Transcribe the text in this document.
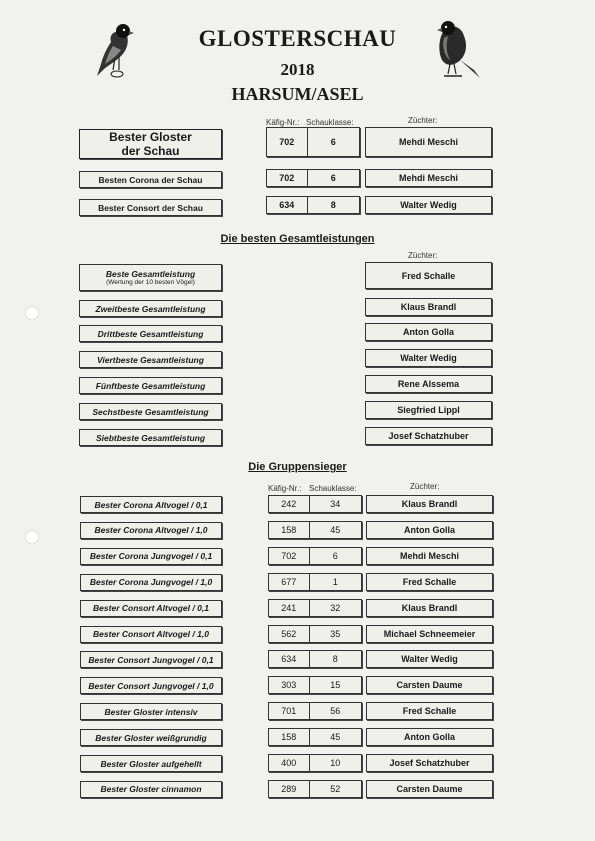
GLOSTERSCHAU
2018
HARSUM/ASEL
Käfig-Nr.: Schauklasse:	Züchter:
Bester Gloster
der Schau
702	6	Mehdi Meschi
Besten Corona der Schau	702	6	Mehdi Meschi
Bester Consort der Schau	634	8	Walter Wedig
Die besten Gesamtleistungen
Züchter:
Beste Gesamtleistung
(Wertung der 10 besten Vögel)
Fred Schalle
Zweitbeste Gesamtleistung	Klaus Brandl
Drittbeste Gesamtleistung	Anton Golla
Viertbeste Gesamtleistung	Walter Wedig
Fünftbeste Gesamtleistung	Rene Alssema
Sechstbeste Gesamtleistung	Siegfried Lippl
Siebtbeste Gesamtleistung	Josef Schatzhuber
Die Gruppensieger
Käfig-Nr.: Schauklasse:	Züchter:
Bester Corona Altvogel / 0,1	242	34	Klaus Brandl
Bester Corona Altvogel / 1,0	158	45	Anton Golla
Bester Corona Jungvogel / 0,1	702	6	Mehdi Meschi
Bester Corona Jungvogel / 1,0	677	1	Fred Schalle
Bester Consort Altvogel / 0,1	241	32	Klaus Brandl
Bester Consort Altvogel / 1,0	562	35	Michael Schneemeier
Bester Consort Jungvogel / 0,1	634	8	Walter Wedig
Bester Consort Jungvogel / 1,0	303	15	Carsten Daume
Bester Gloster intensiv	701	56	Fred Schalle
Bester Gloster weißgrundig	158	45	Anton Golla
Bester Gloster aufgehellt	400	10	Josef Schatzhuber
Bester Gloster cinnamon	289	52	Carsten Daume
